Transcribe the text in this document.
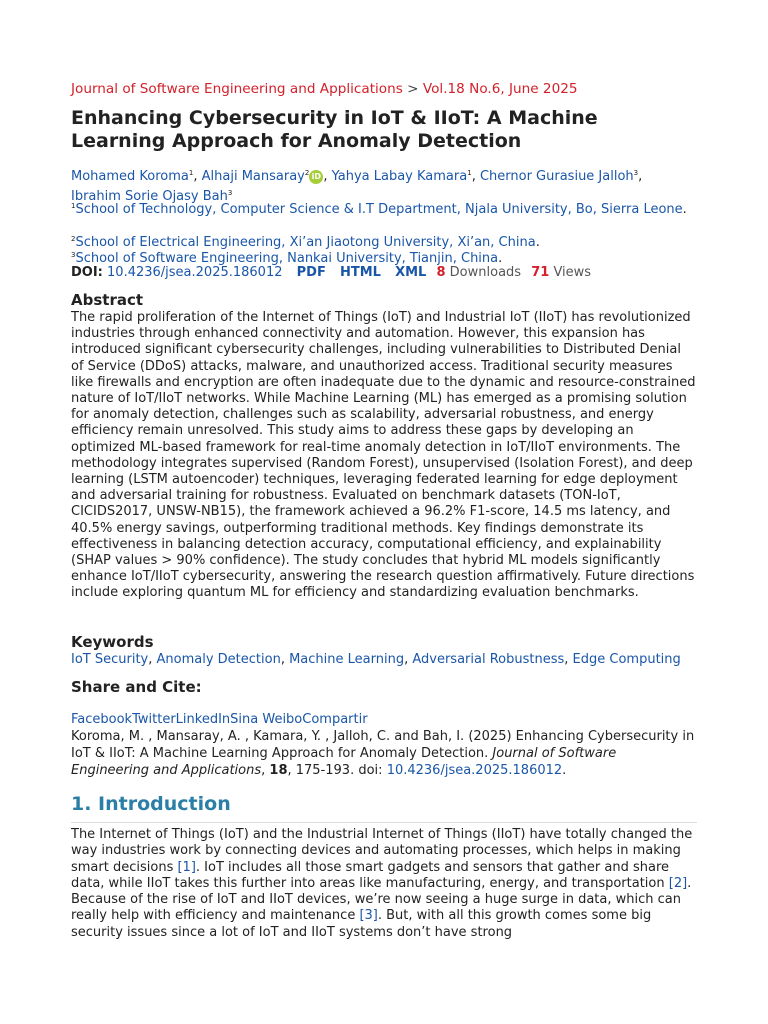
Journal of Software Engineering and Applications > Vol.18 No.6, June 2025
Enhancing Cybersecurity in IoT & IIoT: A Machine Learning Approach for Anomaly Detection
Mohamed Koroma$^1$, Alhaji Mansaray$^2$ iD , Yahya Labay Kamara$^1$, Chernor Gurasiue Jalloh$^3$, Ibrahim Sorie Ojasy Bah$^3$
$^1$School of Technology, Computer Science & I.T Department, Njala University, Bo, Sierra Leone.
$^2$School of Electrical Engineering, Xi’an Jiaotong University, Xi’an, China.
$^3$School of Software Engineering, Nankai University, Tianjin, China.
DOI: 10.4236/jsea.2025.186012 PDF HTML XML 8 Downloads 71 Views
Abstract

The rapid proliferation of the Internet of Things (IoT) and Industrial IoT (IIoT) has revolutionized industries through enhanced connectivity and automation. However, this expansion has introduced significant cybersecurity challenges, including vulnerabilities to Distributed Denial of Service (DDoS) attacks, malware, and unauthorized access. Traditional security measures like firewalls and encryption are often inadequate due to the dynamic and resource-constrained nature of IoT/IIoT networks. While Machine Learning (ML) has emerged as a promising solution for anomaly detection, challenges such as scalability, adversarial robustness, and energy efficiency remain unresolved. This study aims to address these gaps by developing an optimized ML-based framework for real-time anomaly detection in IoT/IIoT environments. The methodology integrates supervised (Random Forest), unsupervised (Isolation Forest), and deep learning (LSTM autoencoder) techniques, leveraging federated learning for edge deployment and adversarial training for robustness. Evaluated on benchmark datasets (TON-IoT, CICIDS2017, UNSW-NB15), the framework achieved a 96.2% F1-score, 14.5 ms latency, and 40.5% energy savings, outperforming traditional methods. Key findings demonstrate its effectiveness in balancing detection accuracy, computational efficiency, and explainability (SHAP values > 90% confidence). The study concludes that hybrid ML models significantly enhance IoT/IIoT cybersecurity, answering the research question affirmatively. Future directions include exploring quantum ML for efficiency and standardizing evaluation benchmarks.

Keywords
IoT Security, Anomaly Detection, Machine Learning, Adversarial Robustness, Edge Computing
Share and Cite:
FacebookTwitterLinkedInSina WeiboCompartir

Koroma, M. , Mansaray, A. , Kamara, Y. , Jalloh, C. and Bah, I. (2025) Enhancing Cybersecurity in IoT & IIoT: A Machine Learning Approach for Anomaly Detection. Journal of Software Engineering and Applications, 18, 175-193. doi: 10.4236/jsea.2025.186012.

1. Introduction

The Internet of Things (IoT) and the Industrial Internet of Things (IIoT) have totally changed the way industries work by connecting devices and automating processes, which helps in making smart decisions [1]. IoT includes all those smart gadgets and sensors that gather and share data, while IIoT takes this further into areas like manufacturing, energy, and transportation [2]. Because of the rise of IoT and IIoT devices, we’re now seeing a huge surge in data, which can really help with efficiency and maintenance [3]. But, with all this growth comes some big security issues since a lot of IoT and IIoT systems don’t have strong
